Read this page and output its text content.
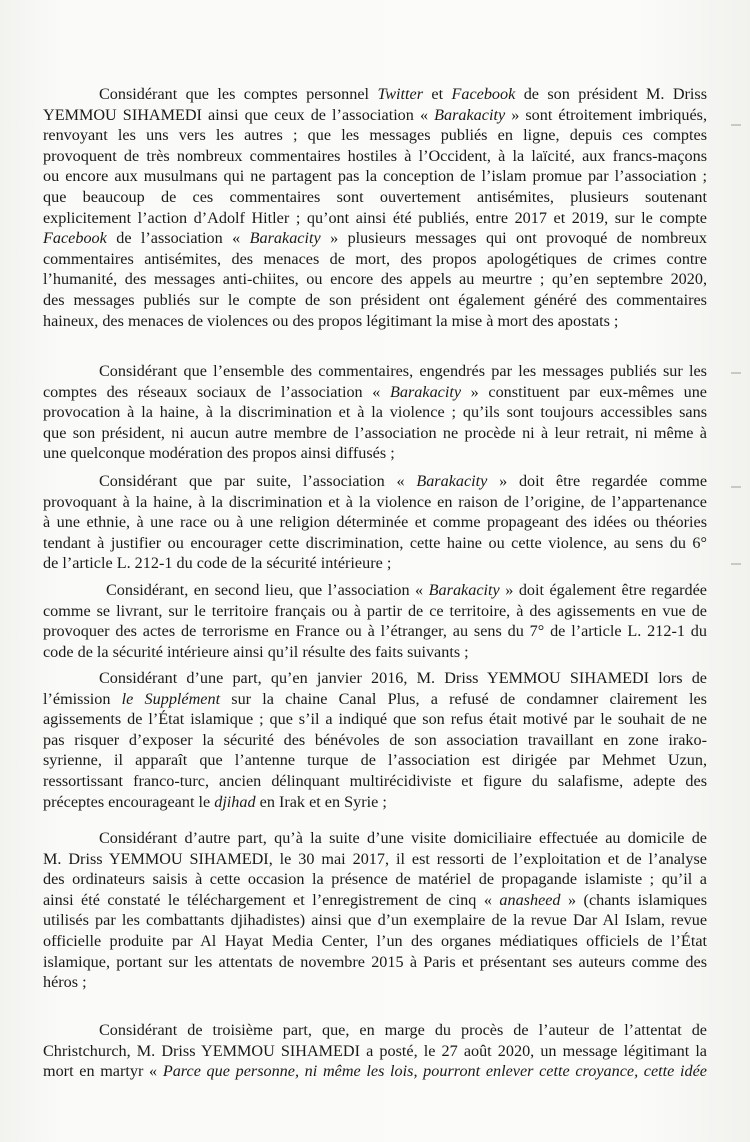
Considérant que les comptes personnel Twitter et Facebook de son président M. Driss
YEMMOU SIHAMEDI ainsi que ceux de l’association « Barakacity » sont étroitement imbriqués,
renvoyant les uns vers les autres ; que les messages publiés en ligne, depuis ces comptes
provoquent de très nombreux commentaires hostiles à l’Occident, à la laïcité, aux francs-maçons
ou encore aux musulmans qui ne partagent pas la conception de l’islam promue par l’association ;
que beaucoup de ces commentaires sont ouvertement antisémites, plusieurs soutenant
explicitement l’action d’Adolf Hitler ; qu’ont ainsi été publiés, entre 2017 et 2019, sur le compte
Facebook de l’association « Barakacity » plusieurs messages qui ont provoqué de nombreux
commentaires antisémites, des menaces de mort, des propos apologétiques de crimes contre
l’humanité, des messages anti-chiites, ou encore des appels au meurtre ; qu’en septembre 2020,
des messages publiés sur le compte de son président ont également généré des commentaires
haineux, des menaces de violences ou des propos légitimant la mise à mort des apostats ;
Considérant que l’ensemble des commentaires, engendrés par les messages publiés sur les
comptes des réseaux sociaux de l’association « Barakacity » constituent par eux-mêmes une
provocation à la haine, à la discrimination et à la violence ; qu’ils sont toujours accessibles sans
que son président, ni aucun autre membre de l’association ne procède ni à leur retrait, ni même à
une quelconque modération des propos ainsi diffusés ;
Considérant que par suite, l’association « Barakacity » doit être regardée comme
provoquant à la haine, à la discrimination et à la violence en raison de l’origine, de l’appartenance
à une ethnie, à une race ou à une religion déterminée et comme propageant des idées ou théories
tendant à justifier ou encourager cette discrimination, cette haine ou cette violence, au sens du 6°
de l’article L. 212-1 du code de la sécurité intérieure ;
Considérant, en second lieu, que l’association « Barakacity » doit également être regardée
comme se livrant, sur le territoire français ou à partir de ce territoire, à des agissements en vue de
provoquer des actes de terrorisme en France ou à l’étranger, au sens du 7° de l’article L. 212-1 du
code de la sécurité intérieure ainsi qu’il résulte des faits suivants ;
Considérant d’une part, qu’en janvier 2016, M. Driss YEMMOU SIHAMEDI lors de
l’émission le Supplément sur la chaine Canal Plus, a refusé de condamner clairement les
agissements de l’État islamique ; que s’il a indiqué que son refus était motivé par le souhait de ne
pas risquer d’exposer la sécurité des bénévoles de son association travaillant en zone irako-
syrienne, il apparaît que l’antenne turque de l’association est dirigée par Mehmet Uzun,
ressortissant franco-turc, ancien délinquant multirécidiviste et figure du salafisme, adepte des
préceptes encourageant le djihad en Irak et en Syrie ;
Considérant d’autre part, qu’à la suite d’une visite domiciliaire effectuée au domicile de
M. Driss YEMMOU SIHAMEDI, le 30 mai 2017, il est ressorti de l’exploitation et de l’analyse
des ordinateurs saisis à cette occasion la présence de matériel de propagande islamiste ; qu’il a
ainsi été constaté le téléchargement et l’enregistrement de cinq « anasheed » (chants islamiques
utilisés par les combattants djihadistes) ainsi que d’un exemplaire de la revue Dar Al Islam, revue
officielle produite par Al Hayat Media Center, l’un des organes médiatiques officiels de l’État
islamique, portant sur les attentats de novembre 2015 à Paris et présentant ses auteurs comme des
héros ;
Considérant de troisième part, que, en marge du procès de l’auteur de l’attentat de
Christchurch, M. Driss YEMMOU SIHAMEDI a posté, le 27 août 2020, un message légitimant la
mort en martyr « Parce que personne, ni même les lois, pourront enlever cette croyance, cette idée
